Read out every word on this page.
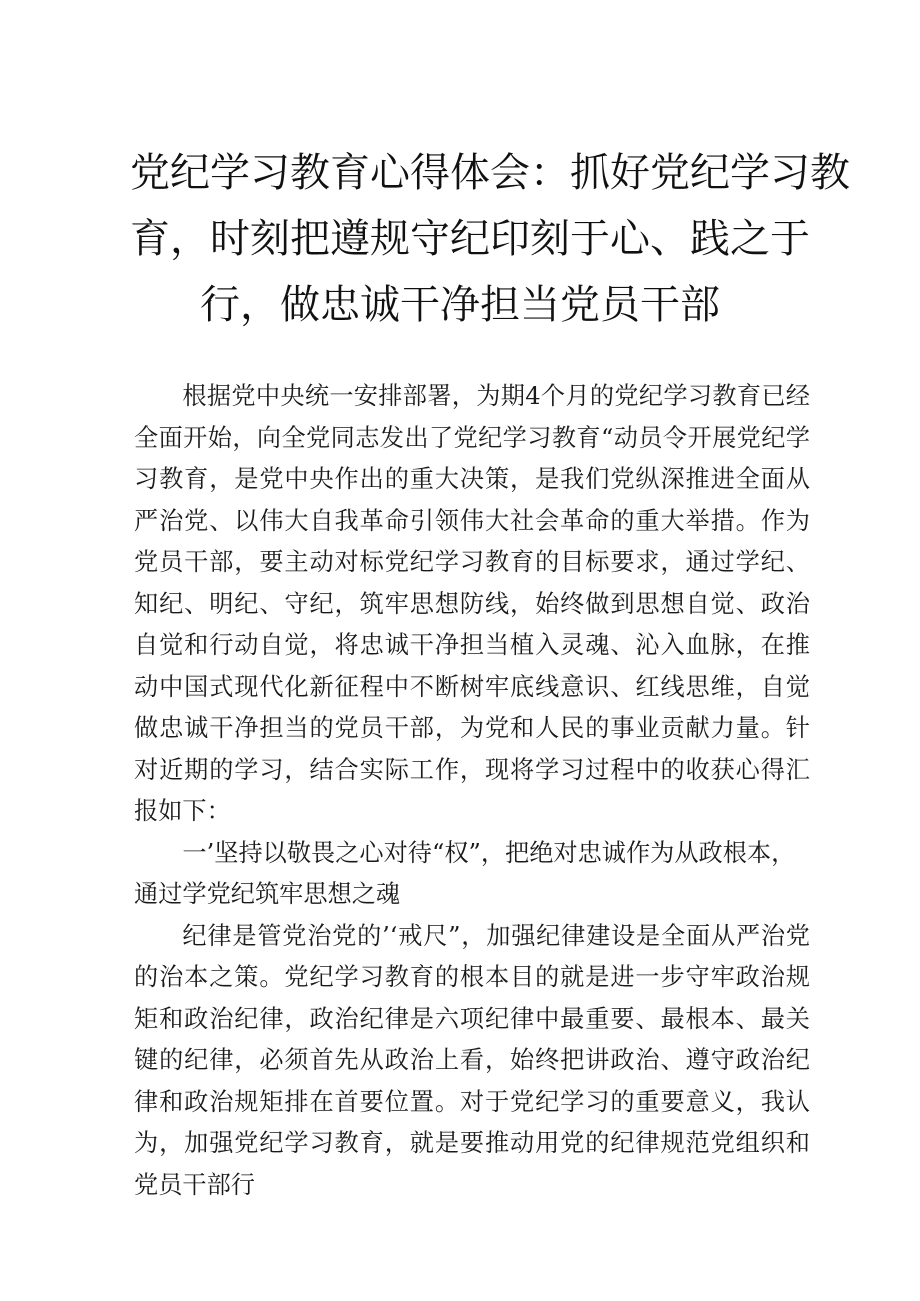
党纪学习教育心得体会：抓好党纪学习教
育，时刻把遵规守纪印刻于心、践之于
行，做忠诚干净担当党员干部

根据党中央统一安排部署，为期4个月的党纪学习教育已经全面开始，向全党同志发出了党纪学习教育“动员令开展党纪学习教育，是党中央作出的重大决策，是我们党纵深推进全面从严治党、以伟大自我革命引领伟大社会革命的重大举措。作为党员干部，要主动对标党纪学习教育的目标要求，通过学纪、知纪、明纪、守纪，筑牢思想防线，始终做到思想自觉、政治自觉和行动自觉，将忠诚干净担当植入灵魂、沁入血脉，在推动中国式现代化新征程中不断树牢底线意识、红线思维，自觉做忠诚干净担当的党员干部，为党和人民的事业贡献力量。针对近期的学习，结合实际工作，现将学习过程中的收获心得汇报如下：

一’坚持以敬畏之心对待“权”，把绝对忠诚作为从政根本，通过学党纪筑牢思想之魂

纪律是管党治党的’‘戒尺”，加强纪律建设是全面从严治党的治本之策。党纪学习教育的根本目的就是进一步守牢政治规矩和政治纪律，政治纪律是六项纪律中最重要、最根本、最关键的纪律，必须首先从政治上看，始终把讲政治、遵守政治纪律和政治规矩排在首要位置。对于党纪学习的重要意义，我认为，加强党纪学习教育，就是要推动用党的纪律规范党组织和党员干部行
